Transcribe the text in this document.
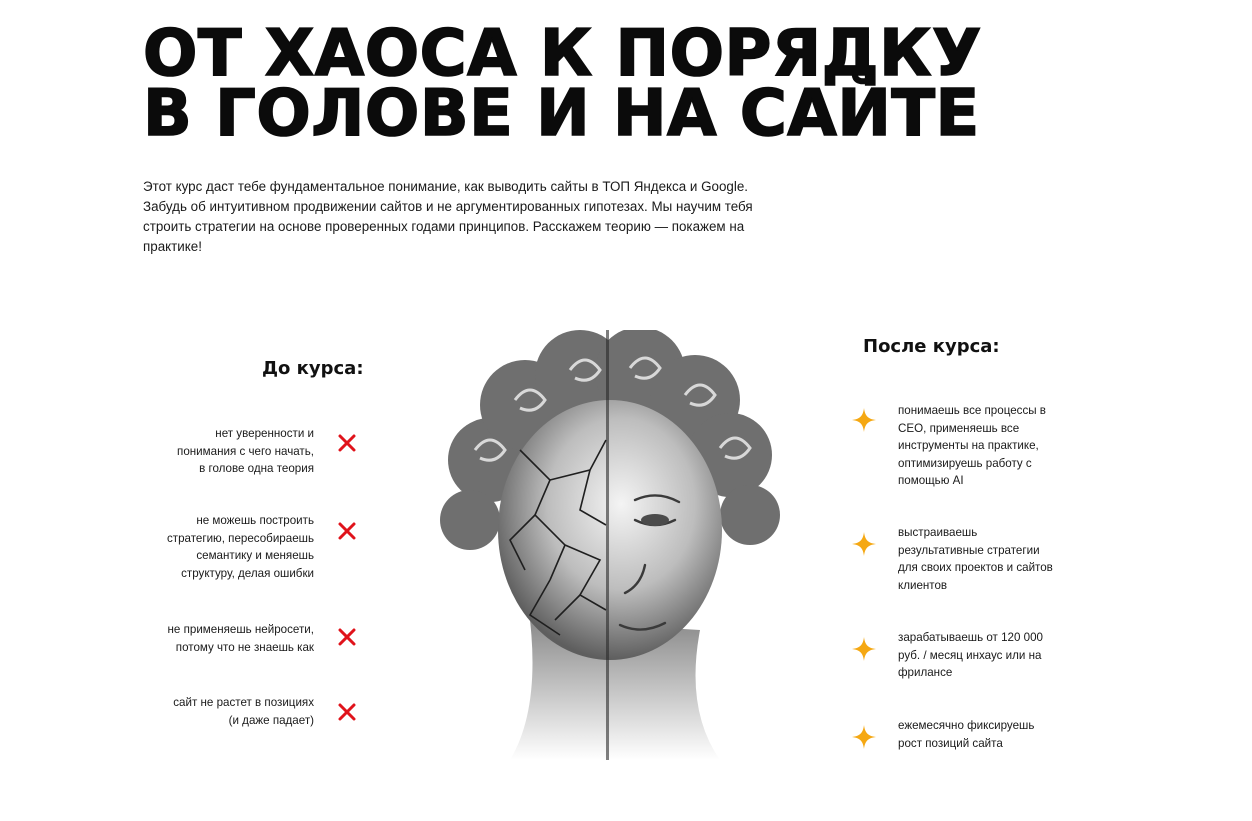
ОТ ХАОСА К ПОРЯДКУ
В ГОЛОВЕ И НА САЙТЕ

Этот курс даст тебе фундаментальное понимание, как выводить сайты в ТОП Яндекса и Google. Забудь об интуитивном продвижении сайтов и не аргументированных гипотезах. Мы научим тебя строить стратегии на основе проверенных годами принципов. Расскажем теорию — покажем на практике!

До курса:
нет уверенности и
понимания с чего начать,
в голове одна теория
не можешь построить
стратегию, пересобираешь
семантику и меняешь
структуру, делая ошибки
не применяешь нейросети,
потому что не знаешь как
сайт не растет в позициях
(и даже падает)
После курса:
понимаешь все процессы в
СЕО, применяешь все
инструменты на практике,
оптимизируешь работу с
помощью AI
выстраиваешь
результативные стратегии
для своих проектов и сайтов
клиентов
зарабатываешь от 120 000
руб. / месяц инхаус или на
фрилансе
ежемесячно фиксируешь
рост позиций сайта
